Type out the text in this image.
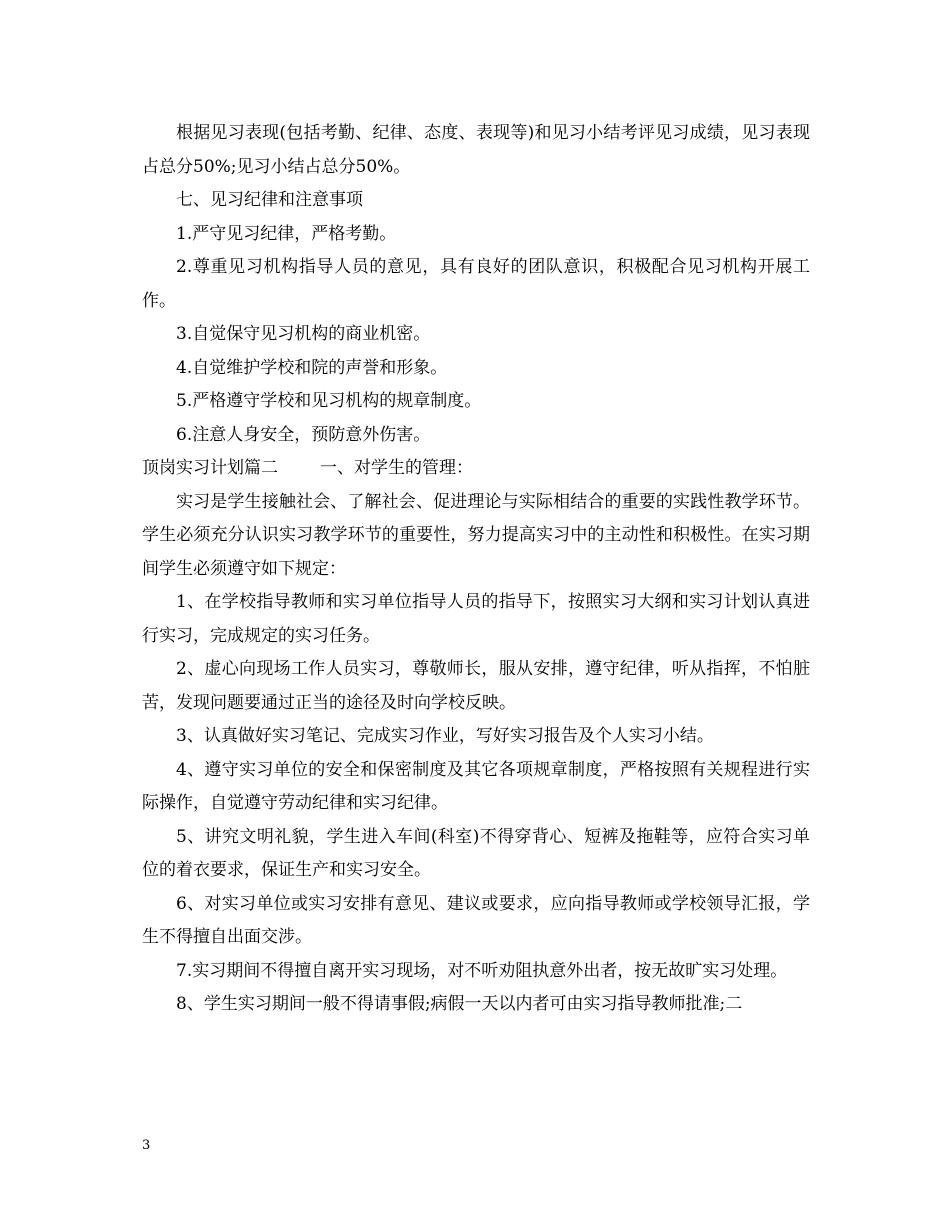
根据见习表现(包括考勤、纪律、态度、表现等)和见习小结考评见习成绩，见习表现占总分50%;见习小结占总分50%。

七、见习纪律和注意事项

1.严守见习纪律，严格考勤。

2.尊重见习机构指导人员的意见，具有良好的团队意识，积极配合见习机构开展工作。

3.自觉保守见习机构的商业机密。

4.自觉维护学校和院的声誉和形象。

5.严格遵守学校和见习机构的规章制度。

6.注意人身安全，预防意外伤害。

顶岗实习计划篇二 一、对学生的管理：

实习是学生接触社会、了解社会、促进理论与实际相结合的重要的实践性教学环节。学生必须充分认识实习教学环节的重要性，努力提高实习中的主动性和积极性。在实习期间学生必须遵守如下规定：

1、在学校指导教师和实习单位指导人员的指导下，按照实习大纲和实习计划认真进行实习，完成规定的实习任务。

2、虚心向现场工作人员实习，尊敬师长，服从安排，遵守纪律，听从指挥，不怕脏苦，发现问题要通过正当的途径及时向学校反映。

3、认真做好实习笔记、完成实习作业，写好实习报告及个人实习小结。

4、遵守实习单位的安全和保密制度及其它各项规章制度，严格按照有关规程进行实际操作，自觉遵守劳动纪律和实习纪律。

5、讲究文明礼貌，学生进入车间(科室)不得穿背心、短裤及拖鞋等，应符合实习单位的着衣要求，保证生产和实习安全。

6、对实习单位或实习安排有意见、建议或要求，应向指导教师或学校领导汇报，学生不得擅自出面交涉。

7.实习期间不得擅自离开实习现场，对不听劝阻执意外出者，按无故旷实习处理。

8、学生实习期间一般不得请事假;病假一天以内者可由实习指导教师批准;二

3
